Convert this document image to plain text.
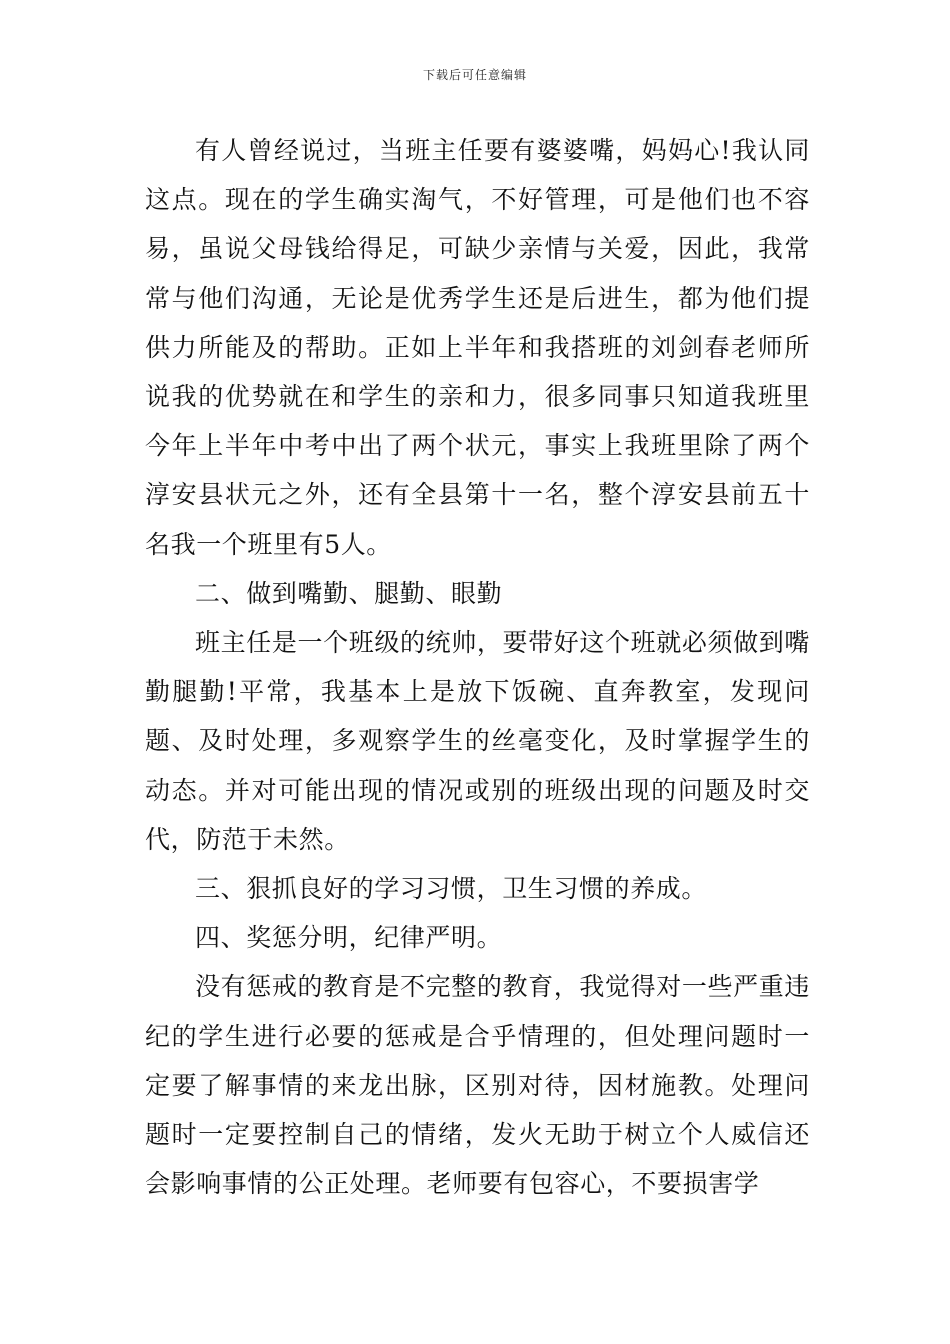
下载后可任意编辑

有人曾经说过，当班主任要有婆婆嘴，妈妈心!我认同这点。现在的学生确实淘气，不好管理，可是他们也不容易，虽说父母钱给得足，可缺少亲情与关爱，因此，我常常与他们沟通，无论是优秀学生还是后进生，都为他们提供力所能及的帮助。正如上半年和我搭班的刘剑春老师所说我的优势就在和学生的亲和力，很多同事只知道我班里今年上半年中考中出了两个状元，事实上我班里除了两个淳安县状元之外，还有全县第十一名，整个淳安县前五十名我一个班里有5人。

二、做到嘴勤、腿勤、眼勤

班主任是一个班级的统帅，要带好这个班就必须做到嘴勤腿勤!平常，我基本上是放下饭碗、直奔教室，发现问题、及时处理，多观察学生的丝毫变化，及时掌握学生的动态。并对可能出现的情况或别的班级出现的问题及时交代，防范于未然。

三、狠抓良好的学习习惯，卫生习惯的养成。

四、奖惩分明，纪律严明。

没有惩戒的教育是不完整的教育，我觉得对一些严重违纪的学生进行必要的惩戒是合乎情理的，但处理问题时一定要了解事情的来龙出脉，区别对待，因材施教。处理问题时一定要控制自己的情绪，发火无助于树立个人威信还会影响事情的公正处理。老师要有包容心，不要损害学
